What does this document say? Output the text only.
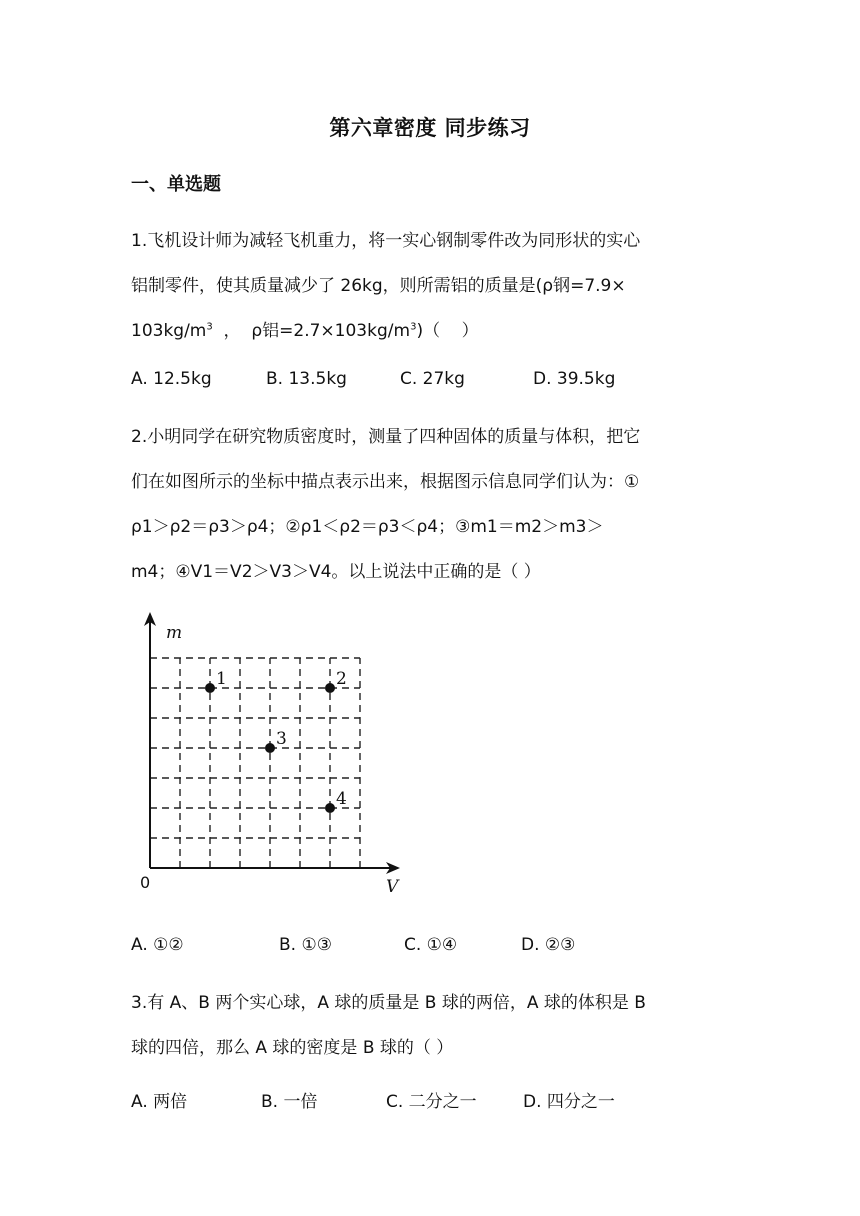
第六章密度 同步练习
一、单选题
1.飞机设计师为减轻飞机重力，将一实心钢制零件改为同形状的实心
铝制零件，使其质量减少了 26kg，则所需铝的质量是(ρ钢=7.9×
$103kg/m^3$  ，  ρ铝$=2.7\times 103kg/m^3$)（    ）
A. 12.5kg	B. 13.5kg	C. 27kg	D. 39.5kg
2.小明同学在研究物质密度时，测量了四种固体的质量与体积，把它
们在如图所示的坐标中描点表示出来，根据图示信息同学们认为：①
ρ1＞ρ2＝ρ3＞ρ4；②ρ1＜ρ2＝ρ3＜ρ4；③m1＝m2＞m3＞
m4；④V1＝V2＞V3＞V4。以上说法中正确的是（ ）
m
V
0
1	2
3
4
A. ①②	B. ①③	C. ①④	D. ②③
3.有 A、B 两个实心球，A 球的质量是 B 球的两倍，A 球的体积是 B
球的四倍，那么 A 球的密度是 B 球的（ ）
A. 两倍	B. 一倍	C. 二分之一	D. 四分之一
